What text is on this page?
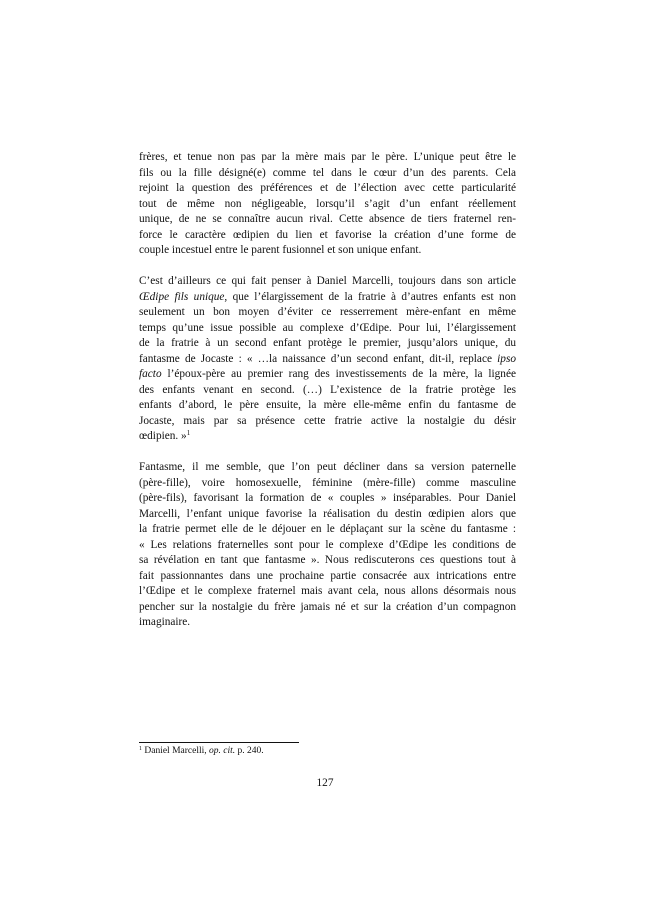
frères, et tenue non pas par la mère mais par le père. L’unique peut être le
fils ou la fille désigné(e) comme tel dans le cœur d’un des parents. Cela
rejoint la question des préférences et de l’élection avec cette particularité
tout de même non négligeable, lorsqu’il s’agit d’un enfant réellement
unique, de ne se connaître aucun rival. Cette absence de tiers fraternel ren-
force le caractère œdipien du lien et favorise la création d’une forme de
couple incestuel entre le parent fusionnel et son unique enfant.

C’est d’ailleurs ce qui fait penser à Daniel Marcelli, toujours dans son article
Œdipe fils unique, que l’élargissement de la fratrie à d’autres enfants est non
seulement un bon moyen d’éviter ce resserrement mère-enfant en même
temps qu’une issue possible au complexe d’Œdipe. Pour lui, l’élargissement
de la fratrie à un second enfant protège le premier, jusqu’alors unique, du
fantasme de Jocaste : « …la naissance d’un second enfant, dit-il, replace ipso
facto l’époux-père au premier rang des investissements de la mère, la lignée
des enfants venant en second. (…) L’existence de la fratrie protège les
enfants d’abord, le père ensuite, la mère elle-même enfin du fantasme de
Jocaste, mais par sa présence cette fratrie active la nostalgie du désir
œdipien. »$^1$

Fantasme, il me semble, que l’on peut décliner dans sa version paternelle
(père-fille), voire homosexuelle, féminine (mère-fille) comme masculine
(père-fils), favorisant la formation de « couples » inséparables. Pour Daniel
Marcelli, l’enfant unique favorise la réalisation du destin œdipien alors que
la fratrie permet elle de le déjouer en le déplaçant sur la scène du fantasme :
« Les relations fraternelles sont pour le complexe d’Œdipe les conditions de
sa révélation en tant que fantasme ». Nous rediscuterons ces questions tout à
fait passionnantes dans une prochaine partie consacrée aux intrications entre
l’Œdipe et le complexe fraternel mais avant cela, nous allons désormais nous
pencher sur la nostalgie du frère jamais né et sur la création d’un compagnon
imaginaire.

$^1$ Daniel Marcelli, op. cit. p. 240.
127
